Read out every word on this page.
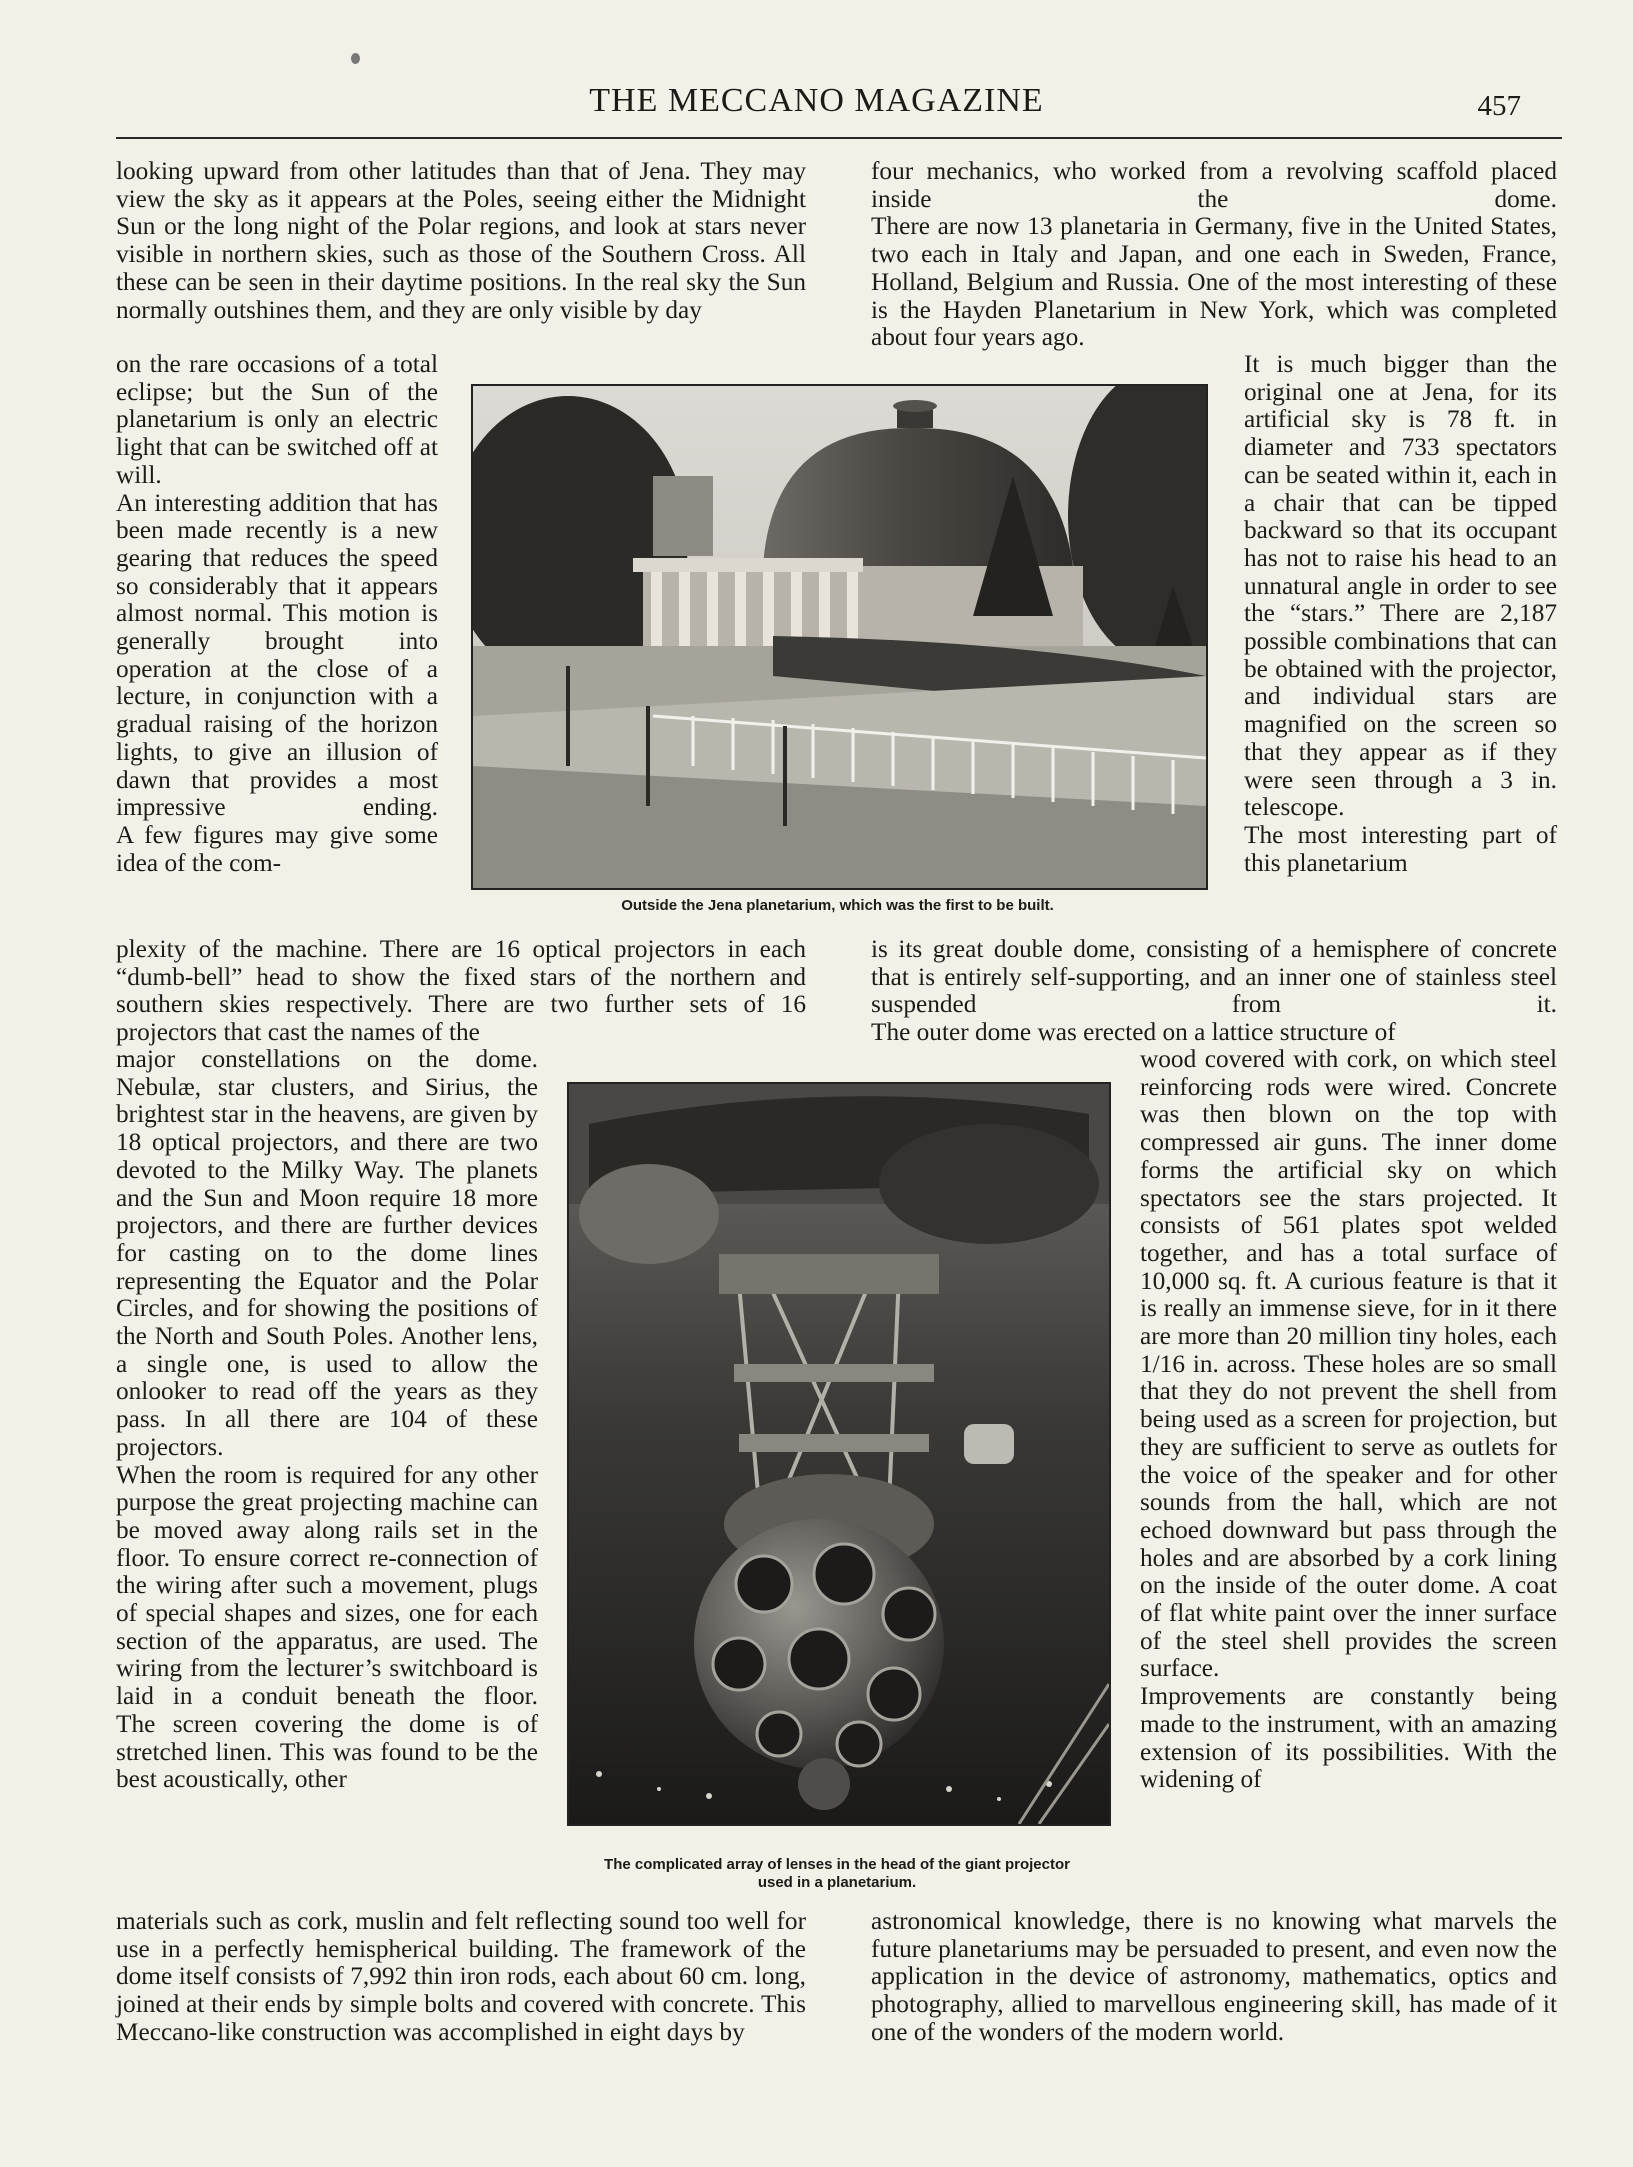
THE MECCANO MAGAZINE	457

looking upward from other latitudes than that of Jena. They may view the sky as it appears at the Poles, seeing either the Midnight Sun or the long night of the Polar regions, and look at stars never visible in northern skies, such as those of the Southern Cross. All these can be seen in their daytime positions. In the real sky the Sun normally outshines them, and they are only visible by day

on the rare occasions of a total eclipse; but the Sun of the planetarium is only an electric light that can be switched off at will.

An interesting addition that has been made recently is a new gearing that reduces the speed so considerably that it appears almost normal. This motion is generally brought into operation at the close of a lecture, in conjunction with a gradual raising of the horizon lights, to give an illusion of dawn that provides a most impressive ending.

A few figures may give some idea of the com-

plexity of the machine. There are 16 optical projectors in each “dumb-bell” head to show the fixed stars of the northern and southern skies respectively. There are two further sets of 16 projectors that cast the names of the

major constellations on the dome. Nebulæ, star clusters, and Sirius, the brightest star in the heavens, are given by 18 optical projectors, and there are two devoted to the Milky Way. The planets and the Sun and Moon require 18 more projectors, and there are further devices for casting on to the dome lines representing the Equator and the Polar Circles, and for showing the positions of the North and South Poles. Another lens, a single one, is used to allow the onlooker to read off the years as they pass. In all there are 104 of these projectors.

When the room is required for any other purpose the great projecting machine can be moved away along rails set in the floor. To ensure correct re-connection of the wiring after such a movement, plugs of special shapes and sizes, one for each section of the apparatus, are used. The wiring from the lecturer’s switchboard is laid in a conduit beneath the floor.

The screen covering the dome is of stretched linen. This was found to be the best acoustically, other

materials such as cork, muslin and felt reflecting sound too well for use in a perfectly hemispherical building. The framework of the dome itself consists of 7,992 thin iron rods, each about 60 cm. long, joined at their ends by simple bolts and covered with concrete. This Meccano-like construction was accomplished in eight days by

four mechanics, who worked from a revolving scaffold placed inside the dome.

There are now 13 planetaria in Germany, five in the United States, two each in Italy and Japan, and one each in Sweden, France, Holland, Belgium and Russia. One of the most interesting of these is the Hayden Planetarium in New York, which was completed about four years ago.

It is much bigger than the original one at Jena, for its artificial sky is 78 ft. in diameter and 733 spectators can be seated within it, each in a chair that can be tipped backward so that its occupant has not to raise his head to an unnatural angle in order to see the “stars.” There are 2,187 possible combinations that can be obtained with the projector, and individual stars are magnified on the screen so that they appear as if they were seen through a 3 in. telescope.

The most interesting part of this planetarium

is its great double dome, consisting of a hemisphere of concrete that is entirely self-supporting, and an inner one of stainless steel suspended from it.

The outer dome was erected on a lattice structure of

wood covered with cork, on which steel reinforcing rods were wired. Concrete was then blown on the top with compressed air guns. The inner dome forms the artificial sky on which spectators see the stars projected. It consists of 561 plates spot welded together, and has a total surface of 10,000 sq. ft. A curious feature is that it is really an immense sieve, for in it there are more than 20 million tiny holes, each 1/16 in. across. These holes are so small that they do not prevent the shell from being used as a screen for projection, but they are sufficient to serve as outlets for the voice of the speaker and for other sounds from the hall, which are not echoed downward but pass through the holes and are absorbed by a cork lining on the inside of the outer dome. A coat of flat white paint over the inner surface of the steel shell provides the screen surface.

Improvements are constantly being made to the instrument, with an amazing extension of its possibilities. With the widening of

astronomical knowledge, there is no knowing what marvels the future planetariums may be persuaded to present, and even now the application in the device of astronomy, mathematics, optics and photography, allied to marvellous engineering skill, has made of it one of the wonders of the modern world.

Outside the Jena planetarium, which was the first to be built.
The complicated array of lenses in the head of the giant projector
used in a planetarium.
